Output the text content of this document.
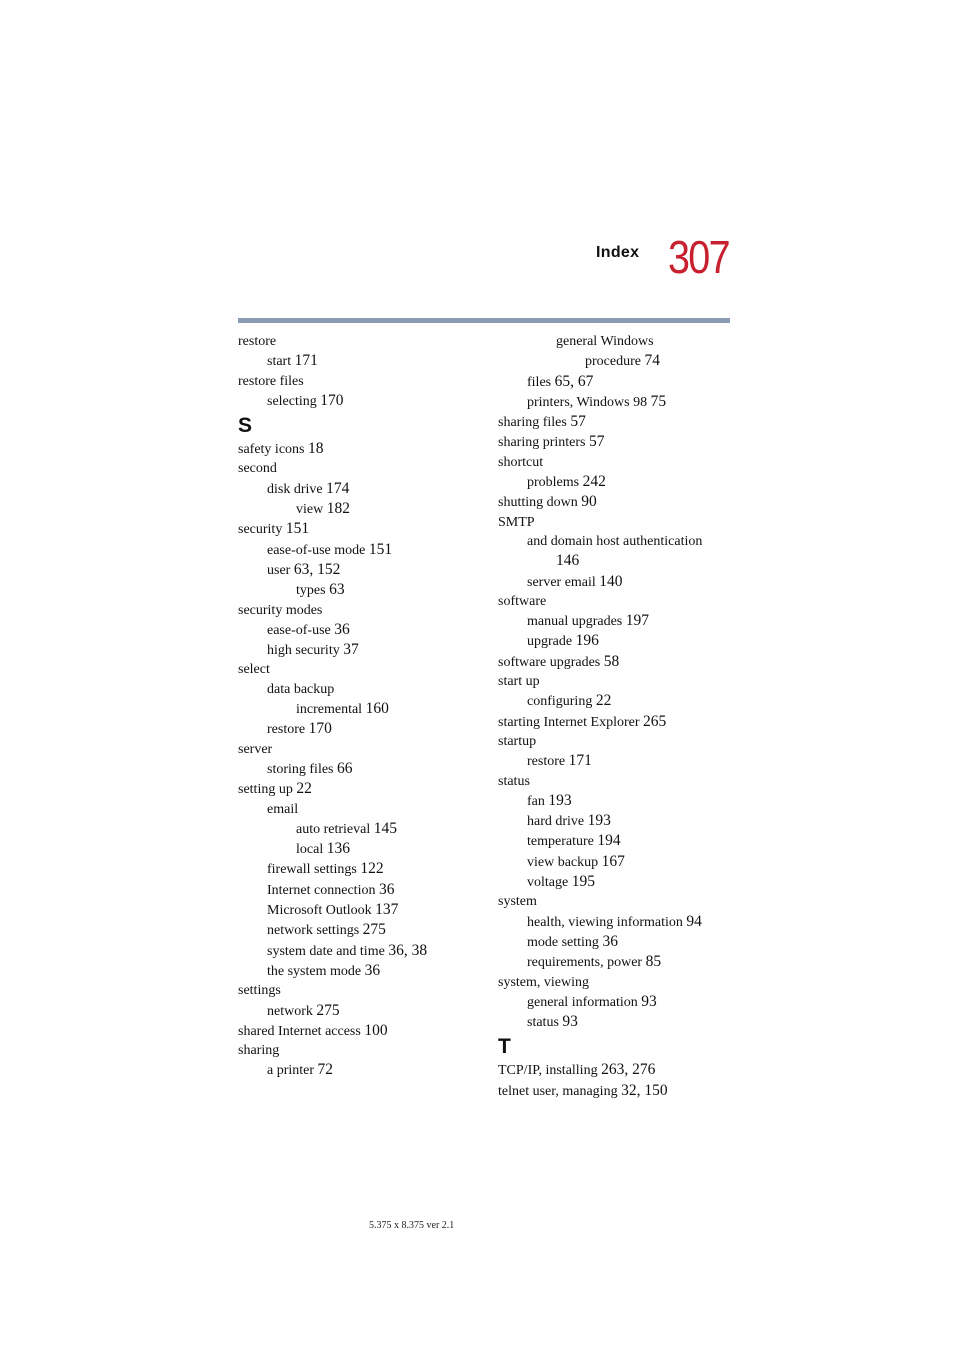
Index 307
restore
start 171
restore files
selecting 170
S
safety icons 18
second
disk drive 174
view 182
security 151
ease-of-use mode 151
user 63, 152
types 63
security modes
ease-of-use 36
high security 37
select
data backup
incremental 160
restore 170
server
storing files 66
setting up 22
email
auto retrieval 145
local 136
firewall settings 122
Internet connection 36
Microsoft Outlook 137
network settings 275
system date and time 36, 38
the system mode 36
settings
network 275
shared Internet access 100
sharing
a printer 72
general Windows
procedure 74
files 65, 67
printers, Windows 98 75
sharing files 57
sharing printers 57
shortcut
problems 242
shutting down 90
SMTP
and domain host authentication
146
server email 140
software
manual upgrades 197
upgrade 196
software upgrades 58
start up
configuring 22
starting Internet Explorer 265
startup
restore 171
status
fan 193
hard drive 193
temperature 194
view backup 167
voltage 195
system
health, viewing information 94
mode setting 36
requirements, power 85
system, viewing
general information 93
status 93
T
TCP/IP, installing 263, 276
telnet user, managing 32, 150
5.375 x 8.375 ver 2.1
